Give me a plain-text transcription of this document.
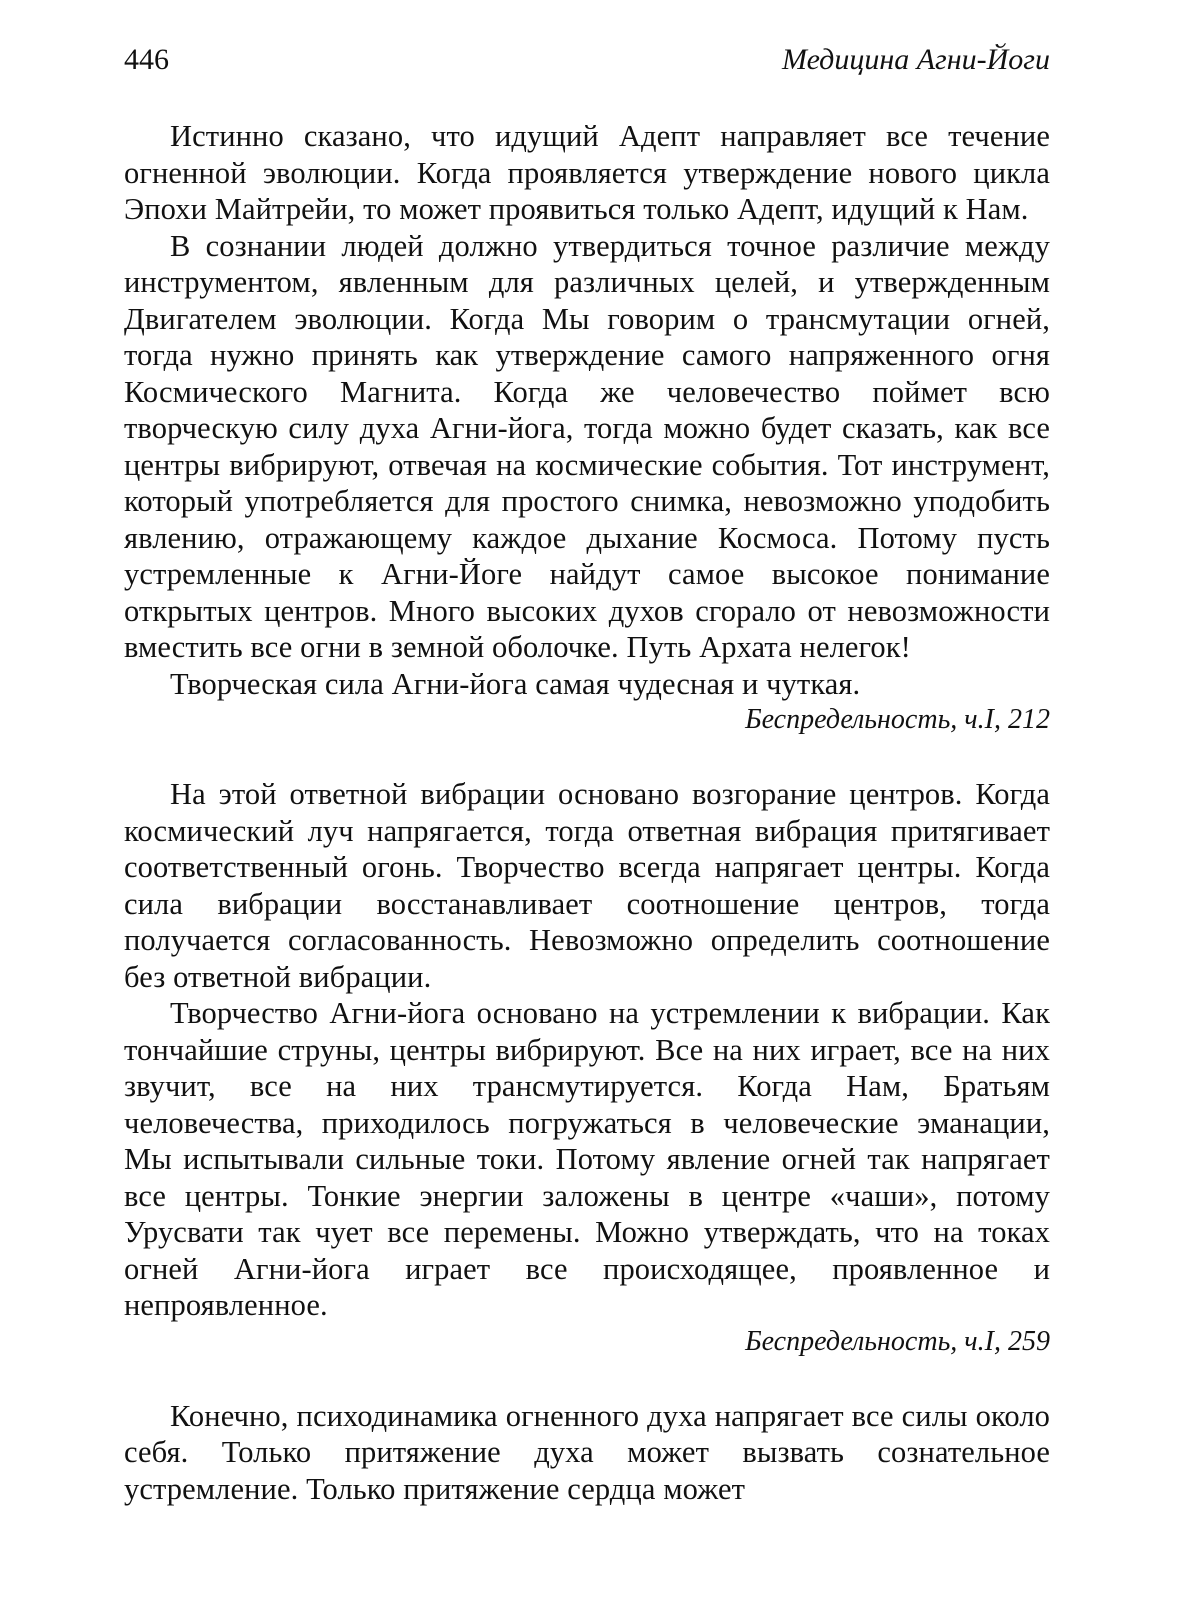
446	Медицина Агни-Йоги

Истинно сказано, что идущий Адепт направляет все течение огненной эволюции. Когда проявляется утверждение нового цикла Эпохи Майтрейи, то может проявиться только Адепт, идущий к Нам.

В сознании людей должно утвердиться точное различие между инструментом, явленным для различных целей, и утвержденным Двигателем эволюции. Когда Мы говорим о трансмутации огней, тогда нужно принять как утверждение самого напряженного огня Космического Магнита. Когда же человечество поймет всю творческую силу духа Агни-йога, тогда можно будет сказать, как все центры вибрируют, отвечая на космические события. Тот инструмент, который употребляется для простого снимка, невозможно уподобить явлению, отражающему каждое дыхание Космоса. Потому пусть устремленные к Агни-Йоге найдут самое высокое понимание открытых центров. Много высоких духов сгорало от невозможности вместить все огни в земной оболочке. Путь Архата нелегок!

Творческая сила Агни-йога самая чудесная и чуткая.

Беспредельность, ч.I, 212

На этой ответной вибрации основано возгорание центров. Когда космический луч напрягается, тогда ответная вибрация притягивает соответственный огонь. Творчество всегда напрягает центры. Когда сила вибрации восстанавливает соотношение центров, тогда получается согласованность. Невозможно определить соотношение без ответной вибрации.

Творчество Агни-йога основано на устремлении к вибрации. Как тончайшие струны, центры вибрируют. Все на них играет, все на них звучит, все на них трансмутируется. Когда Нам, Братьям человечества, приходилось погружаться в человеческие эманации, Мы испытывали сильные токи. Потому явление огней так напрягает все центры. Тонкие энергии заложены в центре «чаши», потому Урусвати так чует все перемены. Можно утверждать, что на токах огней Агни-йога играет все происходящее, проявленное и непроявленное.

Беспредельность, ч.I, 259

Конечно, психодинамика огненного духа напрягает все силы около себя. Только притяжение духа может вызвать сознательное устремление. Только притяжение сердца может
